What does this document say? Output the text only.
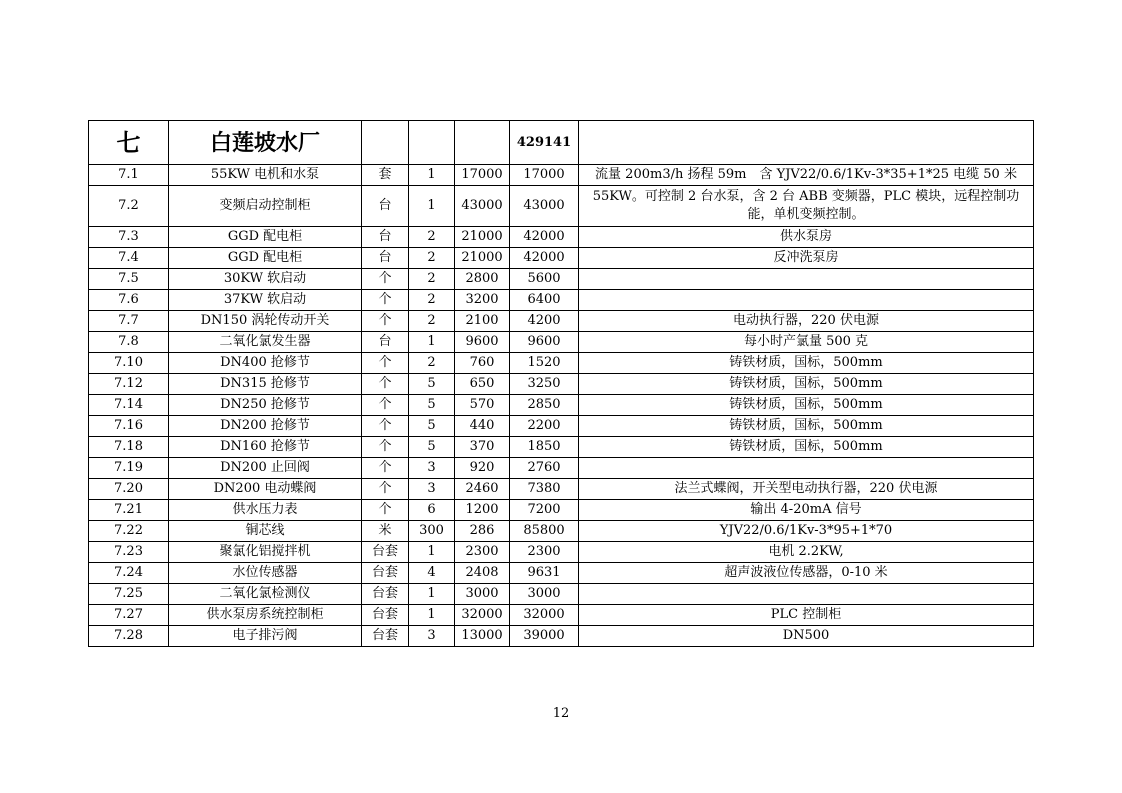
七	白莲坡水厂				429141	
7.1	55KW 电机和水泵	套	1	17000	17000	流量 200m3/h 扬程 59m　含 YJV22/0.6/1Kv-3*35+1*25 电缆 50 米
7.2	变频启动控制柜	台	1	43000	43000	55KW。可控制 2 台水泵，含 2 台 ABB 变频器，PLC 模块，远程控制功能，单机变频控制。
7.3	GGD 配电柜	台	2	21000	42000	供水泵房
7.4	GGD 配电柜	台	2	21000	42000	反冲洗泵房
7.5	30KW 软启动	个	2	2800	5600	
7.6	37KW 软启动	个	2	3200	6400	
7.7	DN150 涡轮传动开关	个	2	2100	4200	电动执行器，220 伏电源
7.8	二氧化氯发生器	台	1	9600	9600	每小时产氯量 500 克
7.10	DN400 抢修节	个	2	760	1520	铸铁材质，国标，500mm
7.12	DN315 抢修节	个	5	650	3250	铸铁材质，国标，500mm
7.14	DN250 抢修节	个	5	570	2850	铸铁材质，国标，500mm
7.16	DN200 抢修节	个	5	440	2200	铸铁材质，国标，500mm
7.18	DN160 抢修节	个	5	370	1850	铸铁材质，国标，500mm
7.19	DN200 止回阀	个	3	920	2760	
7.20	DN200 电动蝶阀	个	3	2460	7380	法兰式蝶阀，开关型电动执行器，220 伏电源
7.21	供水压力表	个	6	1200	7200	输出 4-20mA 信号
7.22	铜芯线	米	300	286	85800	YJV22/0.6/1Kv-3*95+1*70
7.23	聚氯化铝搅拌机	台套	1	2300	2300	电机 2.2KW,
7.24	水位传感器	台套	4	2408	9631	超声波液位传感器，0-10 米
7.25	二氧化氯检测仪	台套	1	3000	3000	
7.27	供水泵房系统控制柜	台套	1	32000	32000	PLC 控制柜
7.28	电子排污阀	台套	3	13000	39000	DN500
12
